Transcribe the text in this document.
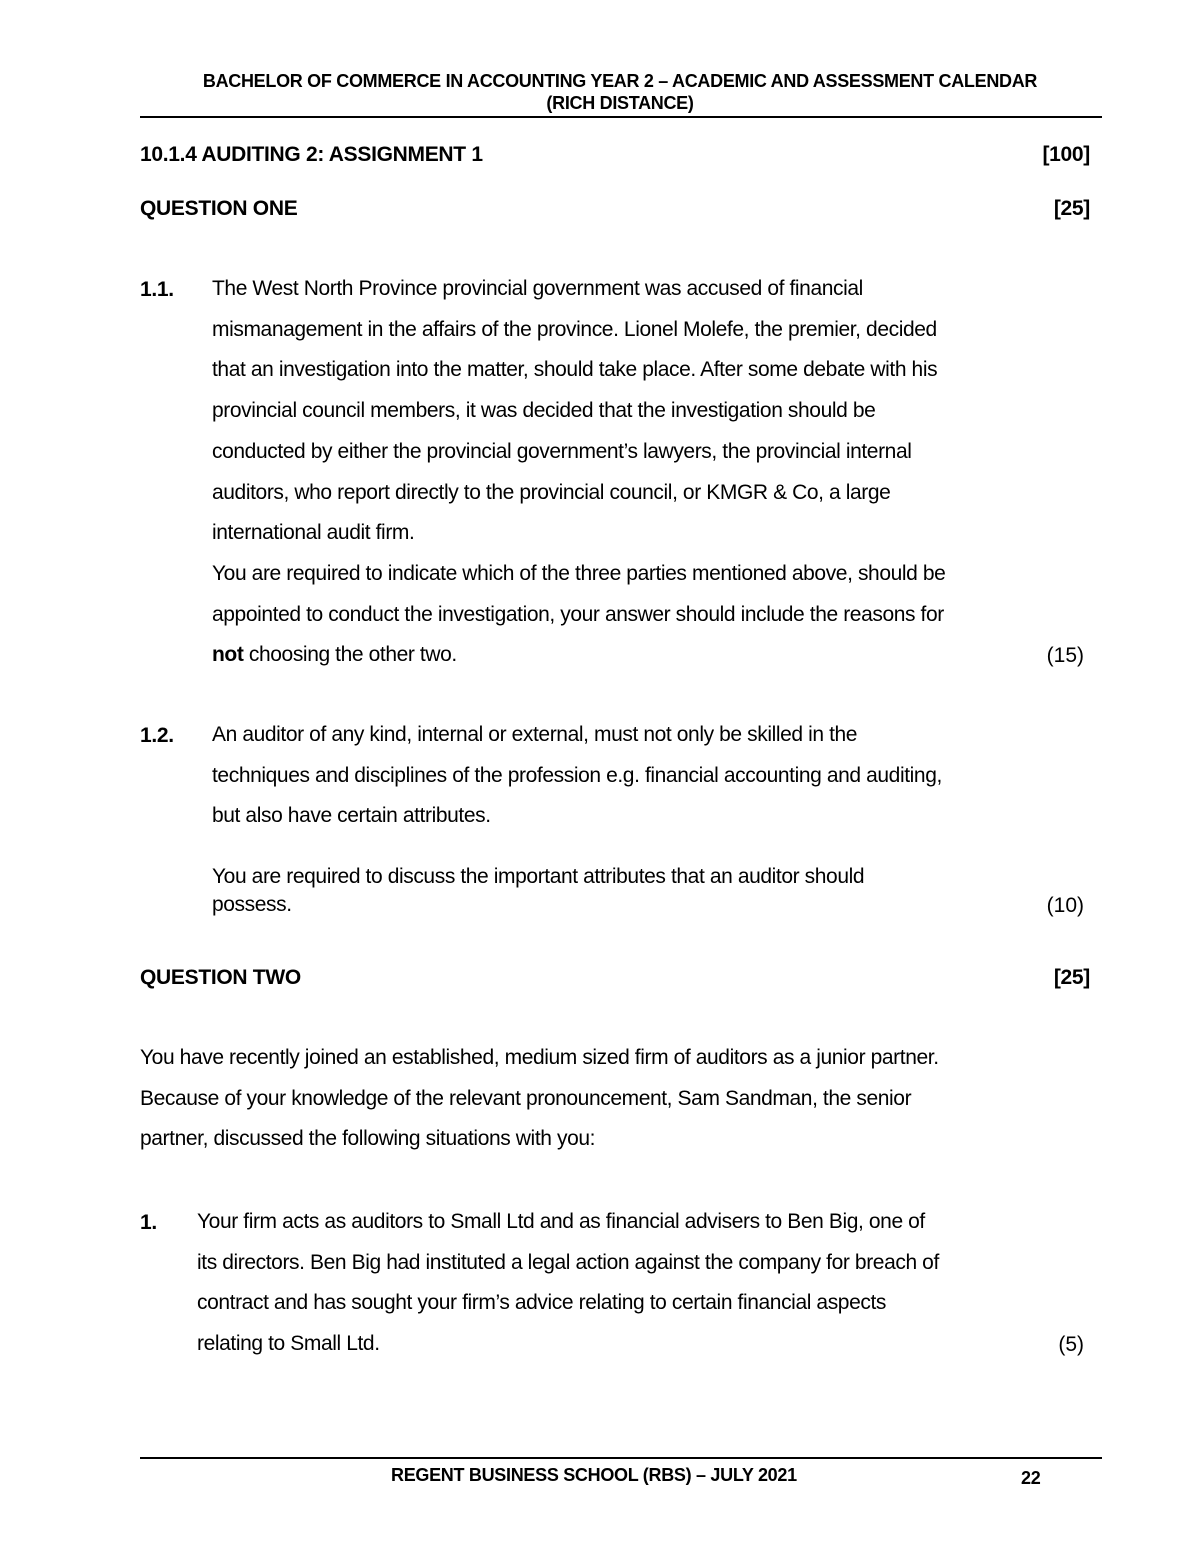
BACHELOR OF COMMERCE IN ACCOUNTING YEAR 2 – ACADEMIC AND ASSESSMENT CALENDAR
(RICH DISTANCE)
10.1.4 AUDITING 2: ASSIGNMENT 1	[100]
QUESTION ONE	[25]
1.1. The West North Province provincial government was accused of financial
mismanagement in the affairs of the province. Lionel Molefe, the premier, decided
that an investigation into the matter, should take place. After some debate with his
provincial council members, it was decided that the investigation should be
conducted by either the provincial government’s lawyers, the provincial internal
auditors, who report directly to the provincial council, or KMGR & Co, a large
international audit firm.
You are required to indicate which of the three parties mentioned above, should be
appointed to conduct the investigation, your answer should include the reasons for
not choosing the other two.	(15)
1.2. An auditor of any kind, internal or external, must not only be skilled in the
techniques and disciplines of the profession e.g. financial accounting and auditing,
but also have certain attributes.
You are required to discuss the important attributes that an auditor should
possess.	(10)
QUESTION TWO	[25]
You have recently joined an established, medium sized firm of auditors as a junior partner.
Because of your knowledge of the relevant pronouncement, Sam Sandman, the senior
partner, discussed the following situations with you:
1. Your firm acts as auditors to Small Ltd and as financial advisers to Ben Big, one of
its directors. Ben Big had instituted a legal action against the company for breach of
contract and has sought your firm’s advice relating to certain financial aspects
relating to Small Ltd.	(5)
REGENT BUSINESS SCHOOL (RBS) – JULY 2021	22
